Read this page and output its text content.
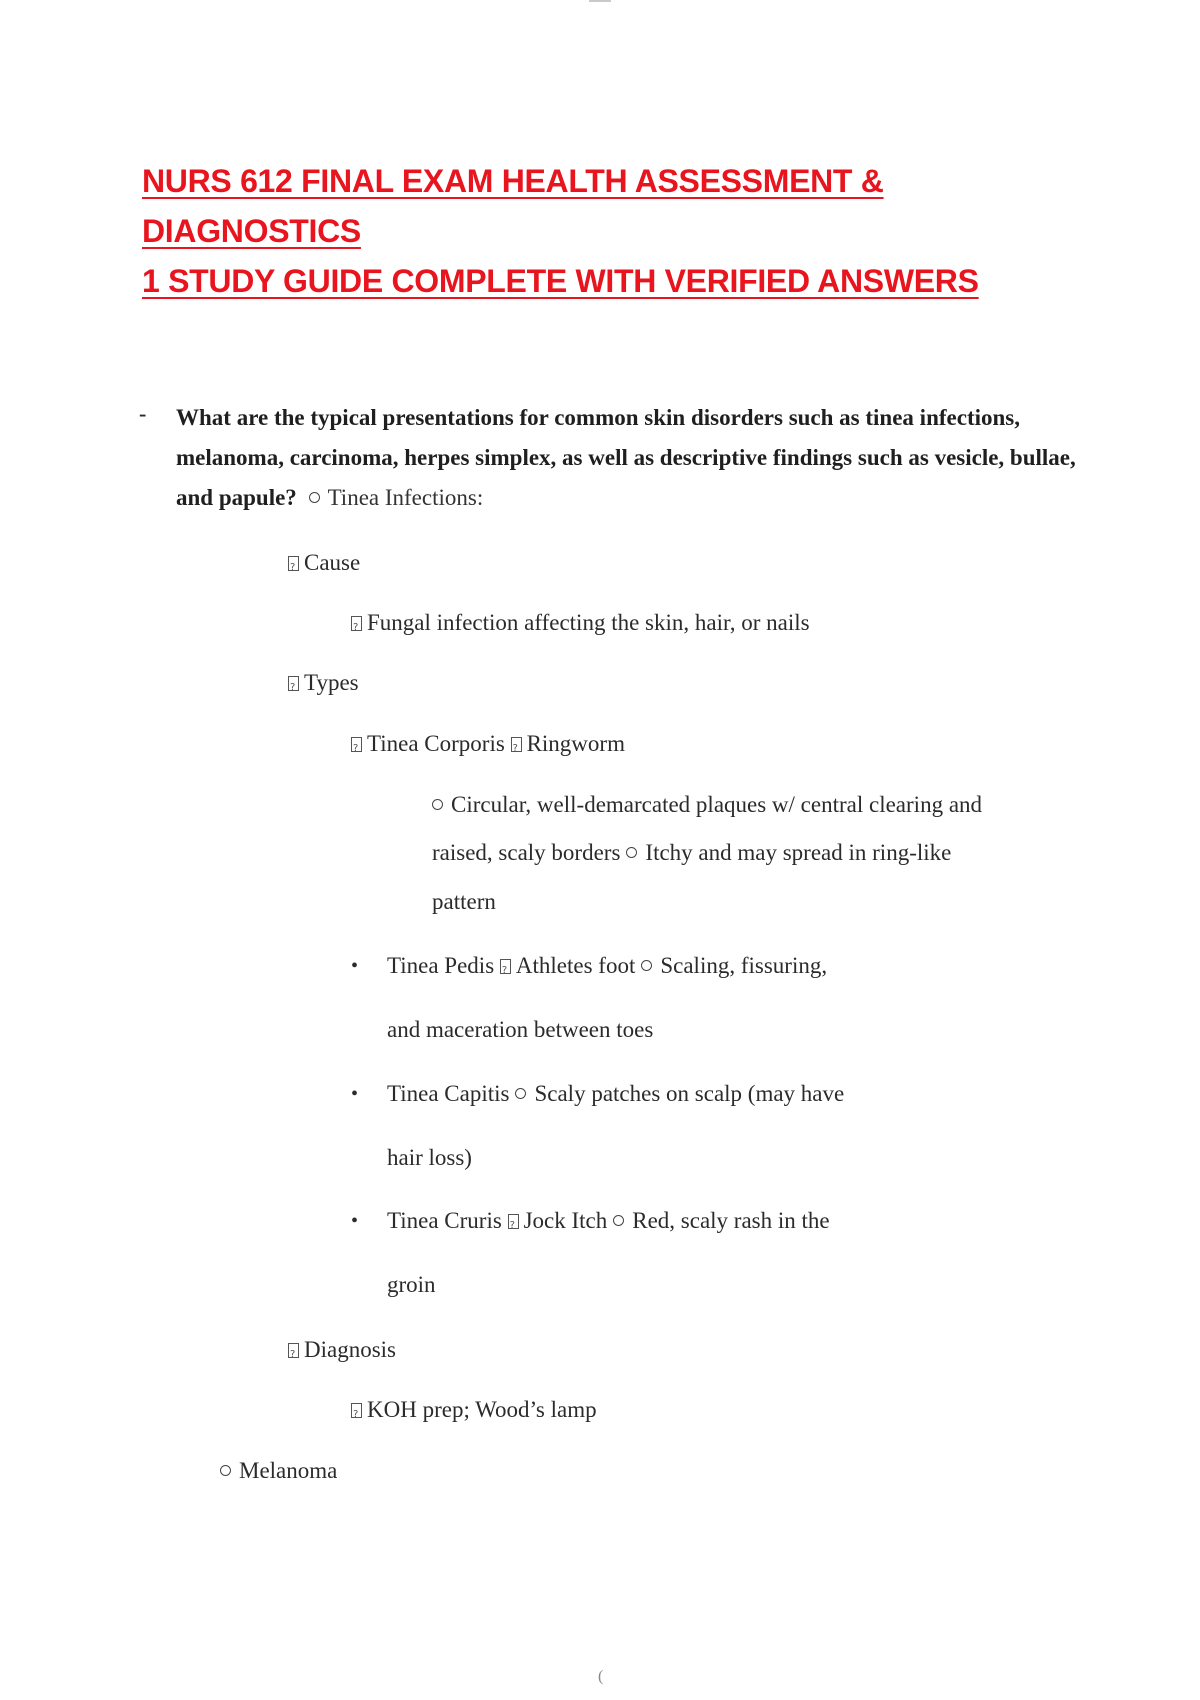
NURS 612 FINAL EXAM HEALTH ASSESSMENT & DIAGNOSTICS
1 STUDY GUIDE COMPLETE WITH VERIFIED ANSWERS
- What are the typical presentations for common skin disorders such as tinea infections, melanoma, carcinoma, herpes simplex, as well as descriptive findings such as vesicle, bullae, and papule? Tinea Infections:
?Cause
?Fungal infection affecting the skin, hair, or nails
?Types
?Tinea Corporis ? Ringworm
Circular, well-demarcated plaques w/ central clearing and
raised, scaly borders Itchy and may spread in ring-like
pattern
• Tinea Pedis ? Athletes foot Scaling, fissuring,
and maceration between toes
• Tinea Capitis Scaly patches on scalp (may have
hair loss)
• Tinea Cruris ? Jock Itch Red, scaly rash in the
groin
?Diagnosis
?KOH prep; Wood’s lamp
Melanoma
(
